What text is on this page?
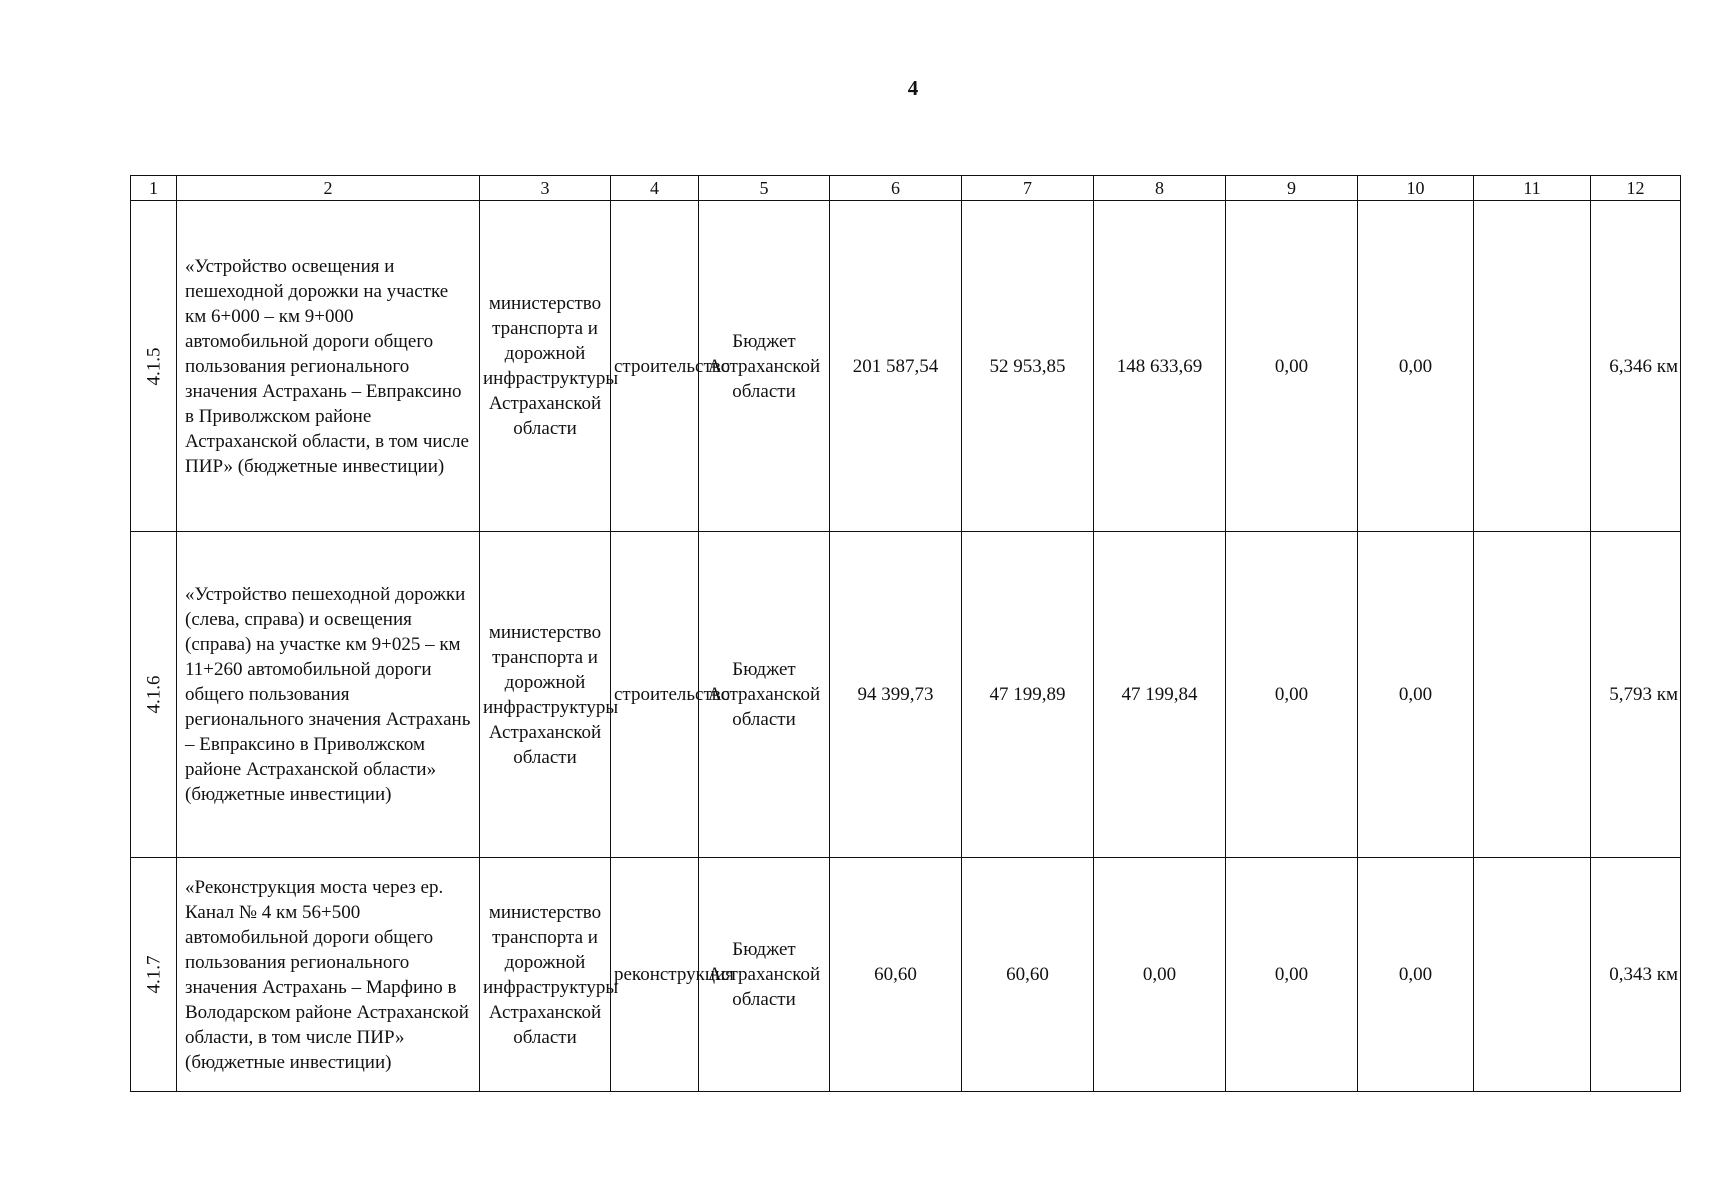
4
1	2	3	4	5	6	7	8	9	10	11	12
4.1.5	«Устройство освещения и пешеходной дорожки на участке км 6+000 – км 9+000 автомобильной дороги общего пользования регионального значения Астрахань – Евпраксино в Приволжском районе Астраханской области, в том числе ПИР» (бюджетные инвестиции)	министерство транспорта и дорожной инфраструктуры Астраханской области	строительство	Бюджет Астраханской области	201 587,54	52 953,85	148 633,69	0,00	0,00		6,346 км
4.1.6	«Устройство пешеходной дорожки (слева, справа) и освещения (справа) на участке км 9+025 – км 11+260 автомобильной дороги общего пользования регионального значения Астрахань – Евпраксино в Приволжском районе Астраханской области» (бюджетные инвестиции)	министерство транспорта и дорожной инфраструктуры Астраханской области	строительство	Бюджет Астраханской области	94 399,73	47 199,89	47 199,84	0,00	0,00		5,793 км
4.1.7	«Реконструкция моста через ер. Канал № 4 км 56+500 автомобильной дороги общего пользования регионального значения Астрахань – Марфино в Володарском районе Астраханской области, в том числе ПИР» (бюджетные инвестиции)	министерство транспорта и дорожной инфраструктуры Астраханской области	реконструкция	Бюджет Астраханской области	60,60	60,60	0,00	0,00	0,00		0,343 км
